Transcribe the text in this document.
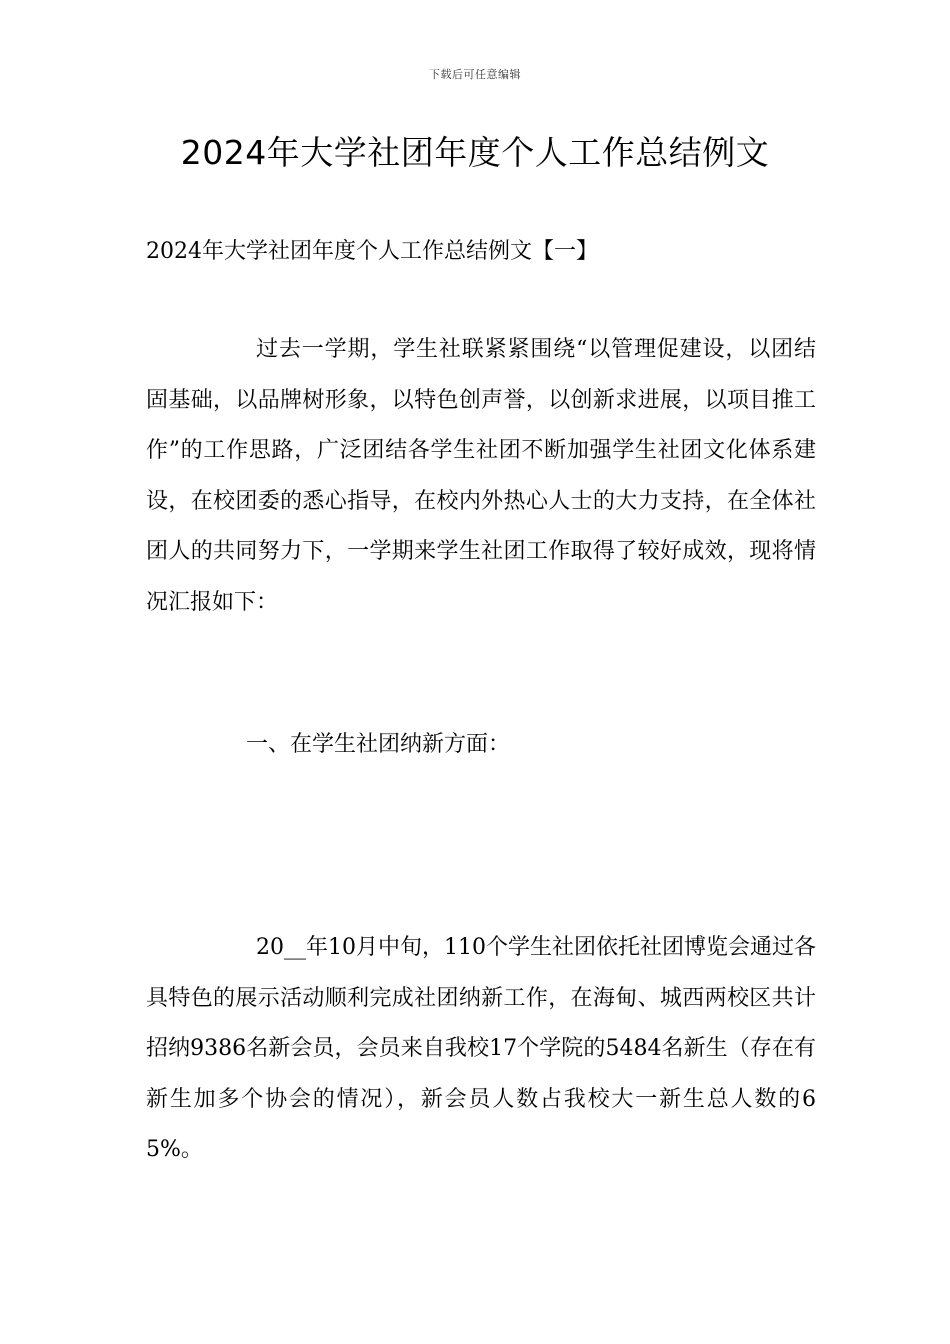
下载后可任意编辑
2024年大学社团年度个人工作总结例文

2024年大学社团年度个人工作总结例文【一】

过去一学期，学生社联紧紧围绕“以管理促建设，以团结固基础，以品牌树形象，以特色创声誉，以创新求进展，以项目推工作”的工作思路，广泛团结各学生社团不断加强学生社团文化体系建设，在校团委的悉心指导，在校内外热心人士的大力支持，在全体社团人的共同努力下，一学期来学生社团工作取得了较好成效，现将情况汇报如下：

一、在学生社团纳新方面：

20__年10月中旬，110个学生社团依托社团博览会通过各具特色的展示活动顺利完成社团纳新工作，在海甸、城西两校区共计招纳9386名新会员，会员来自我校17个学院的5484名新生（存在有新生加多个协会的情况），新会员人数占我校大一新生总人数的65%。
